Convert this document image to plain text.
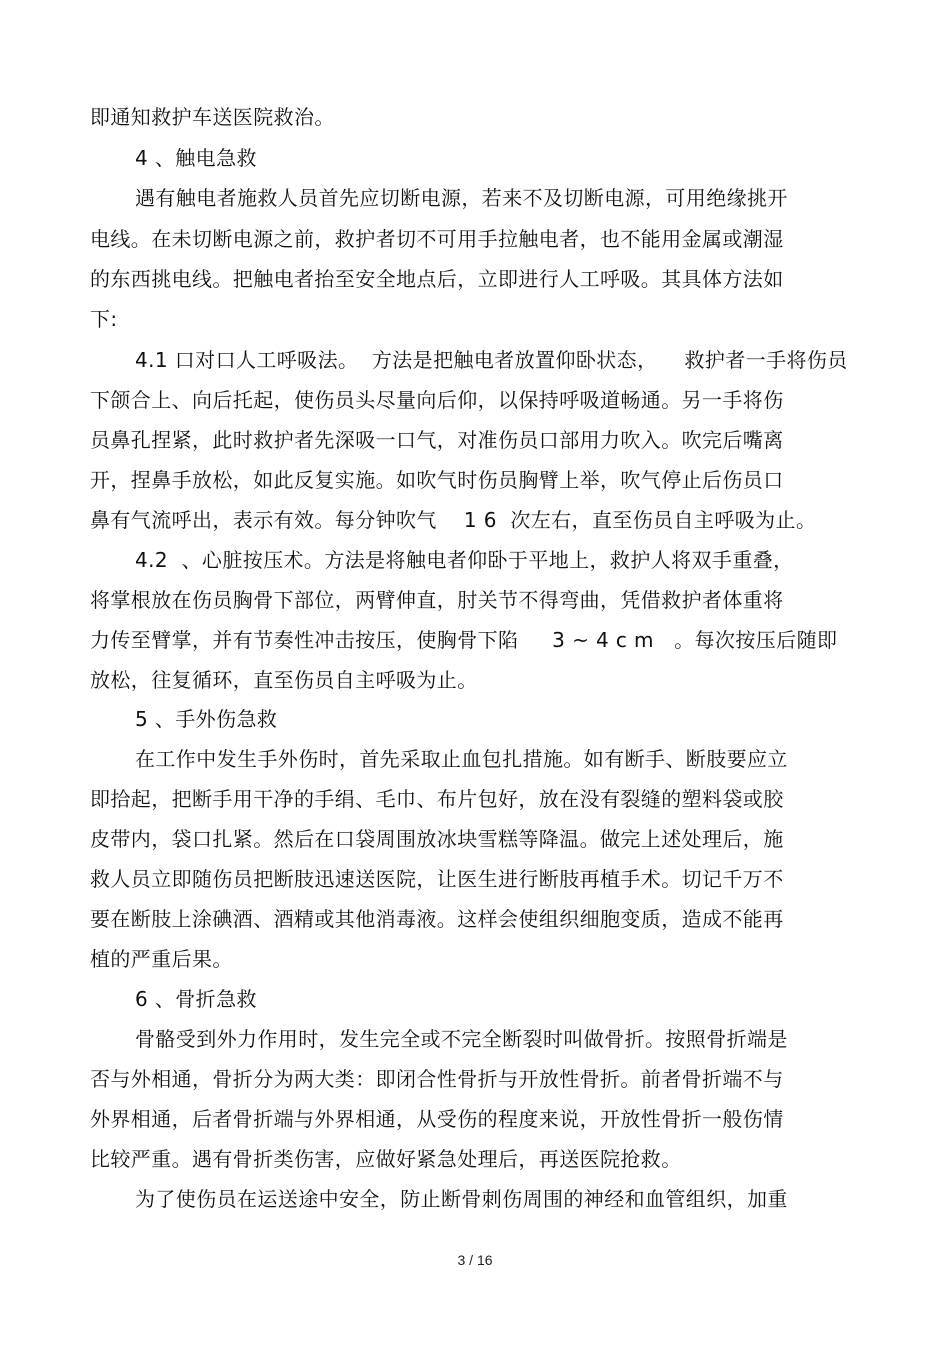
即通知救护车送医院救治。
4 、触电急救
遇有触电者施救人员首先应切断电源，若来不及切断电源，可用绝缘挑开
电线。在未切断电源之前，救护者切不可用手拉触电者，也不能用金属或潮湿
的东西挑电线。把触电者抬至安全地点后，立即进行人工呼吸。其具体方法如
下:
4.1 口对口人工呼吸法。  方法是把触电者放置仰卧状态，    救护者一手将伤员
下颌合上、向后托起，使伤员头尽量向后仰，以保持呼吸道畅通。另一手将伤
员鼻孔捏紧，此时救护者先深吸一口气，对准伤员口部用力吹入。吹完后嘴离
开，捏鼻手放松，如此反复实施。如吹气时伤员胸臂上举，吹气停止后伤员口
鼻有气流呼出，表示有效。每分钟吹气    1 6  次左右，直至伤员自主呼吸为止。
4.2  、心脏按压术。方法是将触电者仰卧于平地上，救护人将双手重叠，
将掌根放在伤员胸骨下部位，两臂伸直，肘关节不得弯曲，凭借救护者体重将
力传至臂掌，并有节奏性冲击按压，使胸骨下陷     3 ~ 4 c m   。每次按压后随即
放松，往复循环，直至伤员自主呼吸为止。
5 、手外伤急救
在工作中发生手外伤时，首先采取止血包扎措施。如有断手、断肢要应立
即拾起，把断手用干净的手绢、毛巾、布片包好，放在没有裂缝的塑料袋或胶
皮带内，袋口扎紧。然后在口袋周围放冰块雪糕等降温。做完上述处理后，施
救人员立即随伤员把断肢迅速送医院，让医生进行断肢再植手术。切记千万不
要在断肢上涂碘酒、酒精或其他消毒液。这样会使组织细胞变质，造成不能再
植的严重后果。
6 、骨折急救
骨骼受到外力作用时，发生完全或不完全断裂时叫做骨折。按照骨折端是
否与外相通，骨折分为两大类：即闭合性骨折与开放性骨折。前者骨折端不与
外界相通，后者骨折端与外界相通，从受伤的程度来说，开放性骨折一般伤情
比较严重。遇有骨折类伤害，应做好紧急处理后，再送医院抢救。
为了使伤员在运送途中安全，防止断骨刺伤周围的神经和血管组织，加重
3 / 16
